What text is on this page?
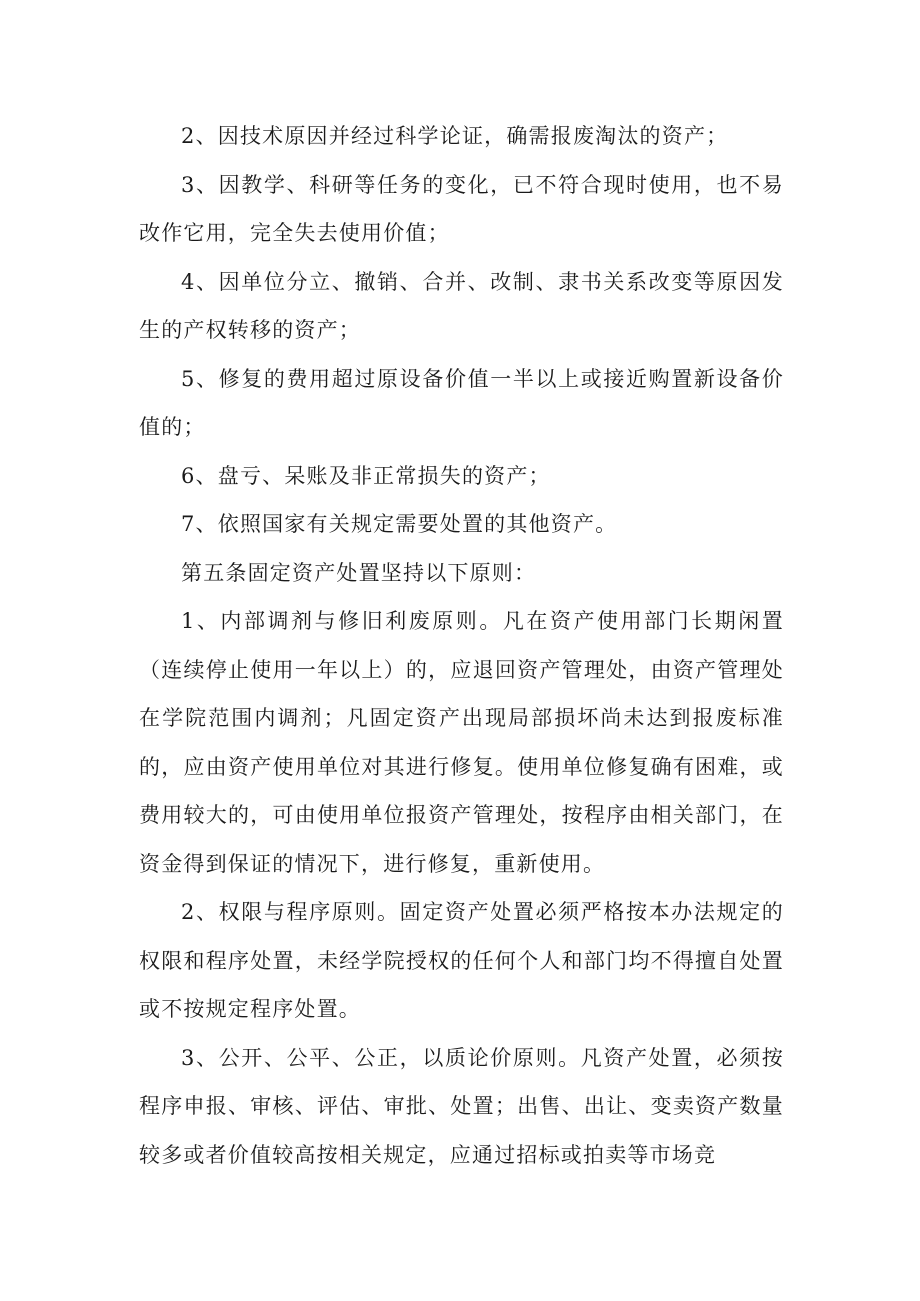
2、因技术原因并经过科学论证，确需报废淘汰的资产；

3、因教学、科研等任务的变化，已不符合现时使用，也不易改作它用，完全失去使用价值；

4、因单位分立、撤销、合并、改制、隶书关系改变等原因发生的产权转移的资产；

5、修复的费用超过原设备价值一半以上或接近购置新设备价值的；

6、盘亏、呆账及非正常损失的资产；

7、依照国家有关规定需要处置的其他资产。

第五条固定资产处置坚持以下原则：

1、内部调剂与修旧利废原则。凡在资产使用部门长期闲置（连续停止使用一年以上）的，应退回资产管理处，由资产管理处在学院范围内调剂；凡固定资产出现局部损坏尚未达到报废标准的，应由资产使用单位对其进行修复。使用单位修复确有困难，或费用较大的，可由使用单位报资产管理处，按程序由相关部门，在资金得到保证的情况下，进行修复，重新使用。

2、权限与程序原则。固定资产处置必须严格按本办法规定的权限和程序处置，未经学院授权的任何个人和部门均不得擅自处置或不按规定程序处置。

3、公开、公平、公正，以质论价原则。凡资产处置，必须按程序申报、审核、评估、审批、处置；出售、出让、变卖资产数量较多或者价值较高按相关规定，应通过招标或拍卖等市场竞
